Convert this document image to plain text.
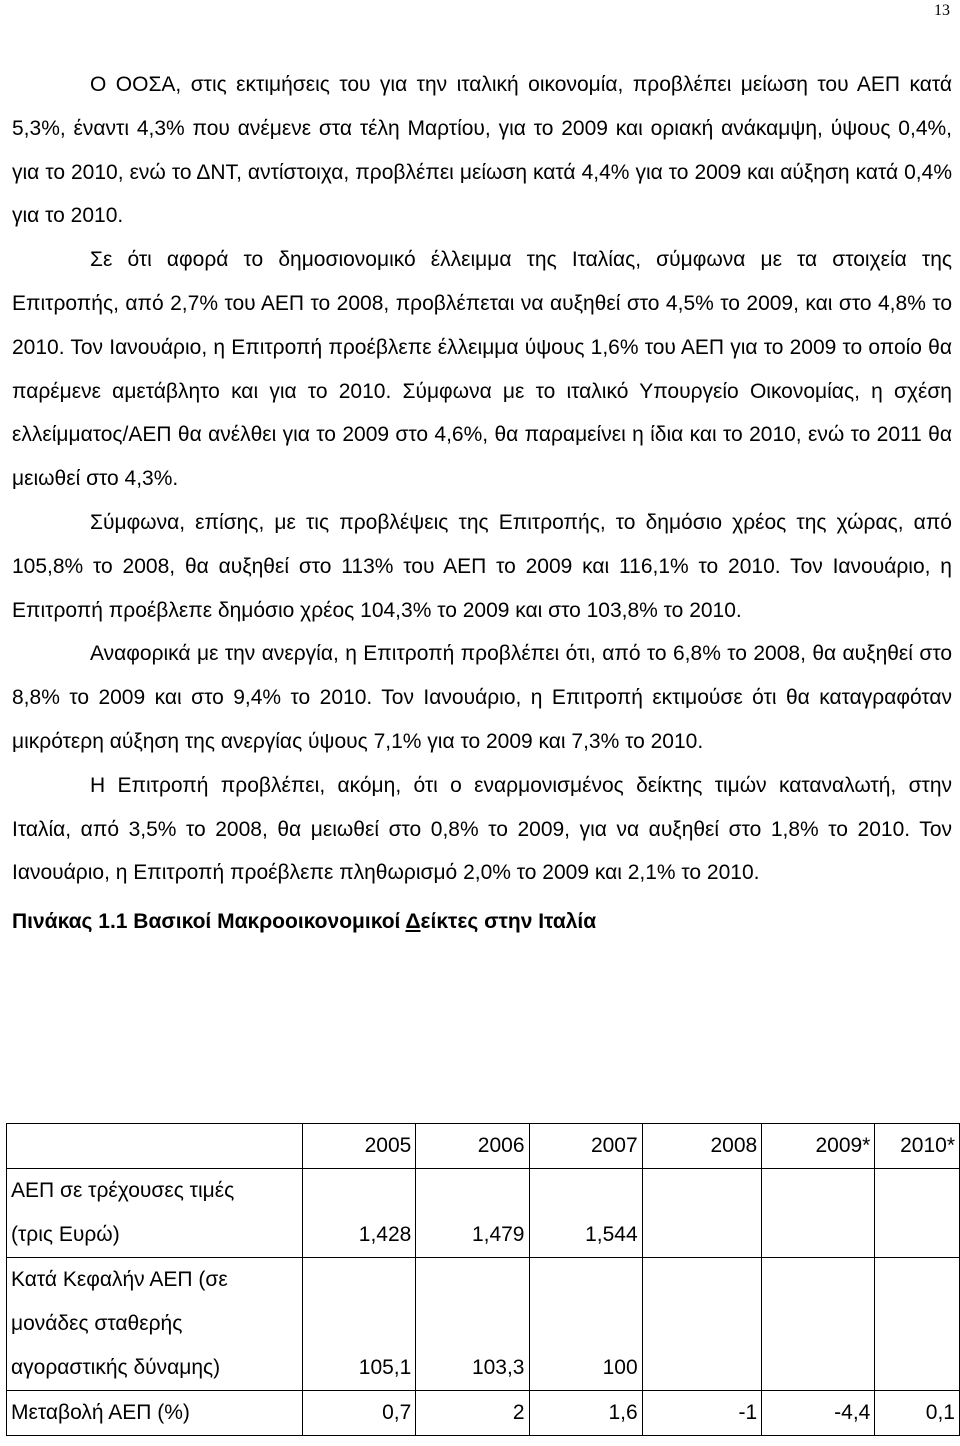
13

Ο ΟΟΣΑ, στις εκτιμήσεις του για την ιταλική οικονομία, προβλέπει μείωση του ΑΕΠ κατά 5,3%, έναντι 4,3% που ανέμενε στα τέλη Μαρτίου, για το 2009 και οριακή ανάκαμψη, ύψους 0,4%, για το 2010, ενώ το ΔΝΤ, αντίστοιχα, προβλέπει μείωση κατά 4,4% για το 2009 και αύξηση κατά 0,4% για το 2010.

Σε ότι αφορά το δημοσιονομικό έλλειμμα της Ιταλίας, σύμφωνα με τα στοιχεία της Επιτροπής, από 2,7% του ΑΕΠ το 2008, προβλέπεται να αυξηθεί στο 4,5% το 2009, και στο 4,8% το 2010. Τον Ιανουάριο, η Επιτροπή προέβλεπε έλλειμμα ύψους 1,6% του ΑΕΠ για το 2009 το οποίο θα παρέμενε αμετάβλητο και για το 2010. Σύμφωνα με το ιταλικό Υπουργείο Οικονομίας, η σχέση ελλείμματος/ΑΕΠ θα ανέλθει για το 2009 στο 4,6%, θα παραμείνει η ίδια και το 2010, ενώ το 2011 θα μειωθεί στο 4,3%.

Σύμφωνα, επίσης, με τις προβλέψεις της Επιτροπής, το δημόσιο χρέος της χώρας, από 105,8% το 2008, θα αυξηθεί στο 113% του ΑΕΠ το 2009 και 116,1% το 2010. Τον Ιανουάριο, η Επιτροπή προέβλεπε δημόσιο χρέος 104,3% το 2009 και στο 103,8% το 2010.

Αναφορικά με την ανεργία, η Επιτροπή προβλέπει ότι, από το 6,8% το 2008, θα αυξηθεί στο 8,8% το 2009 και στο 9,4% το 2010. Τον Ιανουάριο, η Επιτροπή εκτιμούσε ότι θα καταγραφόταν μικρότερη αύξηση της ανεργίας ύψους 7,1% για το 2009 και 7,3% το 2010.

Η Επιτροπή προβλέπει, ακόμη, ότι ο εναρμονισμένος δείκτης τιμών καταναλωτή, στην Ιταλία, από 3,5% το 2008, θα μειωθεί στο 0,8% το 2009, για να αυξηθεί στο 1,8% το 2010. Τον Ιανουάριο, η Επιτροπή προέβλεπε πληθωρισμό 2,0% το 2009 και 2,1% το 2010.

Πινάκας 1.1 Βασικοί Μακροοικονομικοί Δείκτες στην Ιταλία

	2005	2006	2007	2008	2009*	2010*

ΑΕΠ σε τρέχουσες τιμές
(τρις Ευρώ)	1,428	1,479	1,544			

Κατά Κεφαλήν ΑΕΠ (σε
μονάδες σταθερής
αγοραστικής δύναμης)	105,1	103,3	100			

Μεταβολή ΑΕΠ (%)	0,7	2	1,6	-1	-4,4	0,1
